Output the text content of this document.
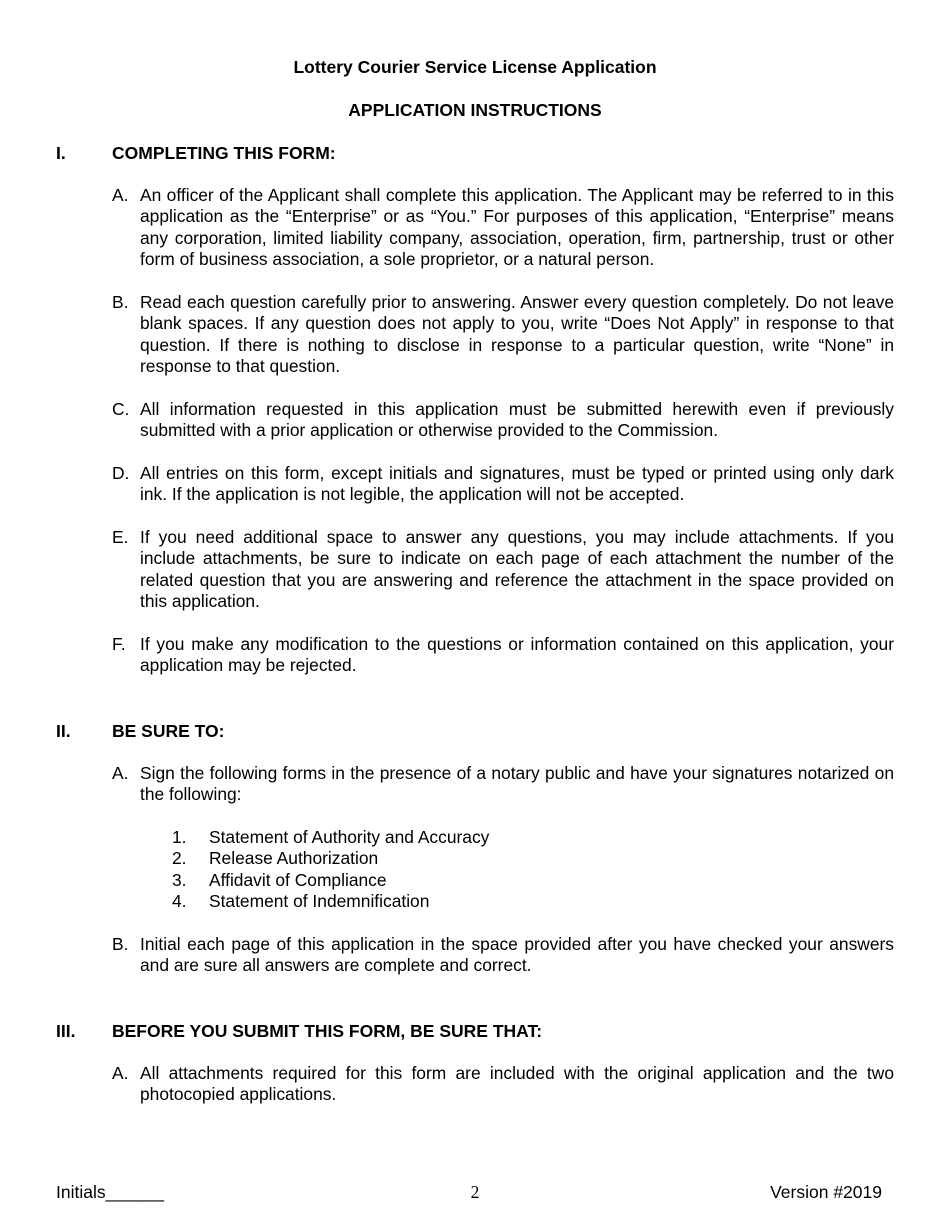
Lottery Courier Service License Application
APPLICATION INSTRUCTIONS
I.	COMPLETING THIS FORM:
A. An officer of the Applicant shall complete this application. The Applicant may be referred to in this application as the “Enterprise” or as “You.” For purposes of this application, “Enterprise” means any corporation, limited liability company, association, operation, firm, partnership, trust or other form of business association, a sole proprietor, or a natural person.
B. Read each question carefully prior to answering. Answer every question completely. Do not leave blank spaces. If any question does not apply to you, write “Does Not Apply” in response to that question. If there is nothing to disclose in response to a particular question, write “None” in response to that question.
C. All information requested in this application must be submitted herewith even if previously submitted with a prior application or otherwise provided to the Commission.
D. All entries on this form, except initials and signatures, must be typed or printed using only dark ink. If the application is not legible, the application will not be accepted.
E. If you need additional space to answer any questions, you may include attachments. If you include attachments, be sure to indicate on each page of each attachment the number of the related question that you are answering and reference the attachment in the space provided on this application.
F. If you make any modification to the questions or information contained on this application, your application may be rejected.
II. BE SURE TO:
A. Sign the following forms in the presence of a notary public and have your signatures notarized on the following:
1.	Statement of Authority and Accuracy
2.	Release Authorization
3.	Affidavit of Compliance
4.	Statement of Indemnification
B. Initial each page of this application in the space provided after you have checked your answers and are sure all answers are complete and correct.
III. BEFORE YOU SUBMIT THIS FORM, BE SURE THAT:
A. All attachments required for this form are included with the original application and the two photocopied applications.
Initials______	2	Version #2019
